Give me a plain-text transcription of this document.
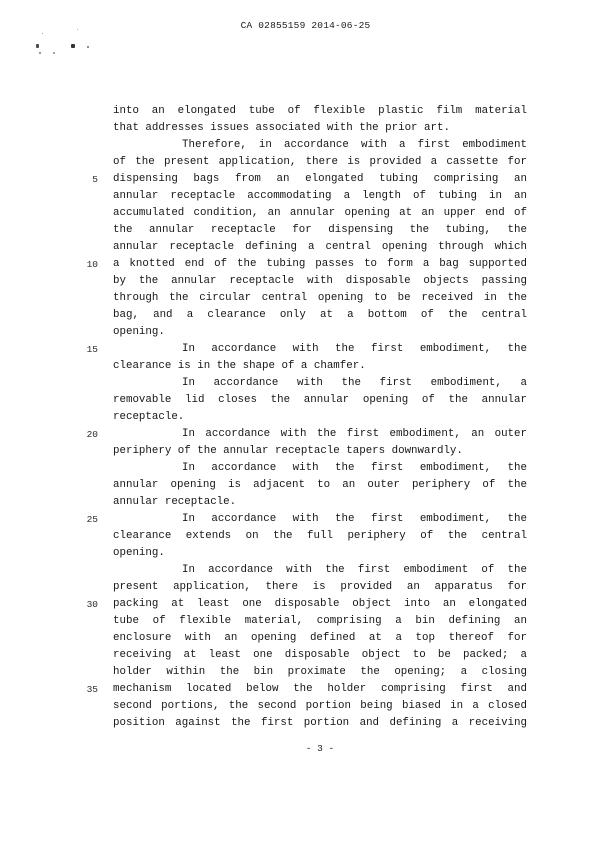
CA 02855159 2014-06-25
into an elongated tube of flexible plastic film material
that addresses issues associated with the prior art.
Therefore, in accordance with a first embodiment
of the present application, there is provided a cassette for
5 dispensing bags from an elongated tubing comprising an
annular receptacle accommodating a length of tubing in an
accumulated condition, an annular opening at an upper end of
the annular receptacle for dispensing the tubing, the
annular receptacle defining a central opening through which
10 a knotted end of the tubing passes to form a bag supported
by the annular receptacle with disposable objects passing
through the circular central opening to be received in the
bag, and a clearance only at a bottom of the central
opening.
15	In accordance with the first embodiment, the
clearance is in the shape of a chamfer.
In accordance with the first embodiment, a
removable lid closes the annular opening of the annular
receptacle.
20	In accordance with the first embodiment, an outer
periphery of the annular receptacle tapers downwardly.
In accordance with the first embodiment, the
annular opening is adjacent to an outer periphery of the
annular receptacle.
25	In accordance with the first embodiment, the
clearance extends on the full periphery of the central
opening.
In accordance with the first embodiment of the
present application, there is provided an apparatus for
30 packing at least one disposable object into an elongated
tube of flexible material, comprising a bin defining an
enclosure with an opening defined at a top thereof for
receiving at least one disposable object to be packed; a
holder within the bin proximate the opening; a closing
35 mechanism located below the holder comprising first and
second portions, the second portion being biased in a closed
position against the first portion and defining a receiving
- 3 -
